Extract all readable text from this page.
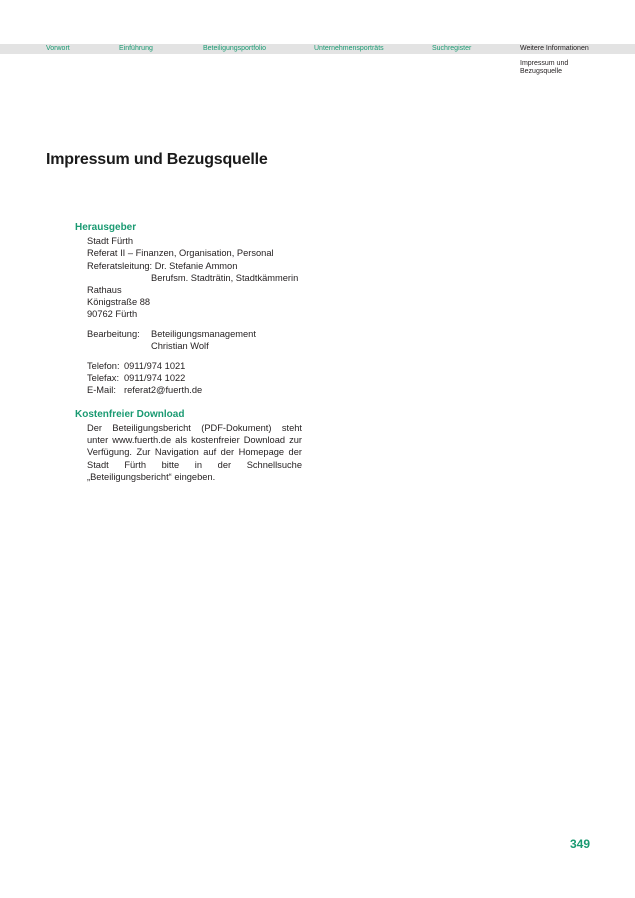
Vorwort	Einführung	Beteiligungsportfolio	Unternehmensporträts	Suchregister	Weitere Informationen
Impressum und
Bezugsquelle
Impressum und Bezugsquelle
Herausgeber
Stadt Fürth
Referat II – Finanzen, Organisation, Personal
Referatsleitung: Dr. Stefanie Ammon
Berufsm. Stadträtin, Stadtkämmerin
Rathaus
Königstraße 88
90762 Fürth
Bearbeitung: Beteiligungsmanagement
Christian Wolf
Telefon: 0911/974 1021
Telefax: 0911/974 1022
E-Mail: referat2@fuerth.de
Kostenfreier Download

Der Beteiligungsbericht (PDF-Dokument) steht unter www.fuerth.de als kostenfreier Download zur Verfügung. Zur Navigation auf der Homepage der Stadt Fürth bitte in der Schnellsuche „Beteiligungsbericht“ eingeben.

349
